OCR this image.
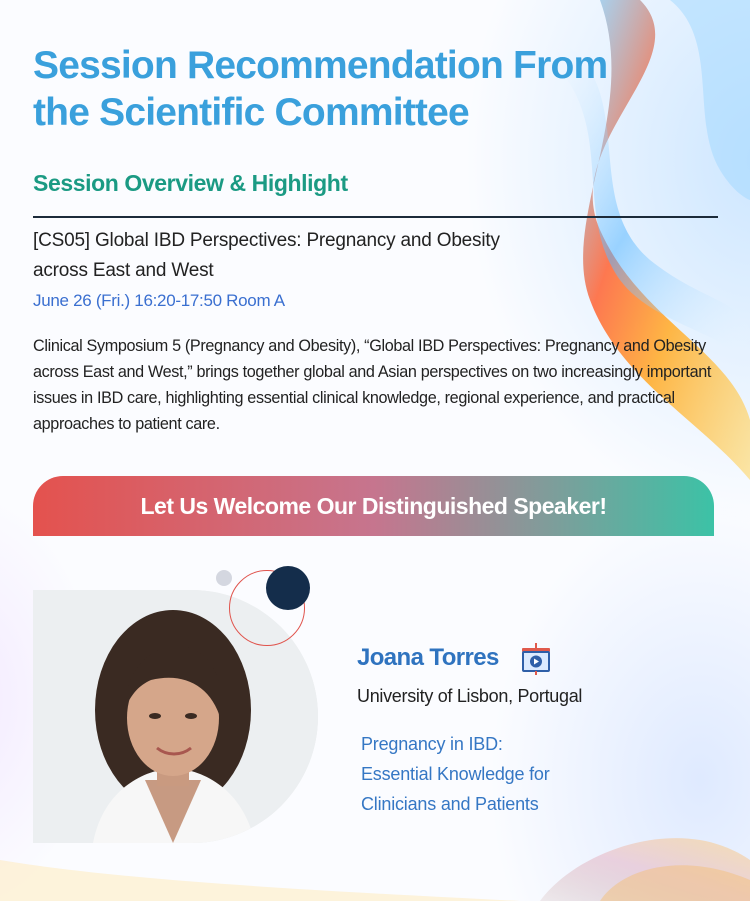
Session Recommendation From the Scientific Committee
Session Overview & Highlight
[CS05] Global IBD Perspectives: Pregnancy and Obesity across East and West
June 26 (Fri.) 16:20-17:50 Room A

Clinical Symposium 5 (Pregnancy and Obesity), “Global IBD Perspectives: Pregnancy and Obesity across East and West,” brings together global and Asian perspectives on two increasingly important issues in IBD care, highlighting essential clinical knowledge, regional experience, and practical approaches to patient care.

Let Us Welcome Our Distinguished Speaker!
Joana Torres
University of Lisbon, Portugal
Pregnancy in IBD:
Essential Knowledge for
Clinicians and Patients
